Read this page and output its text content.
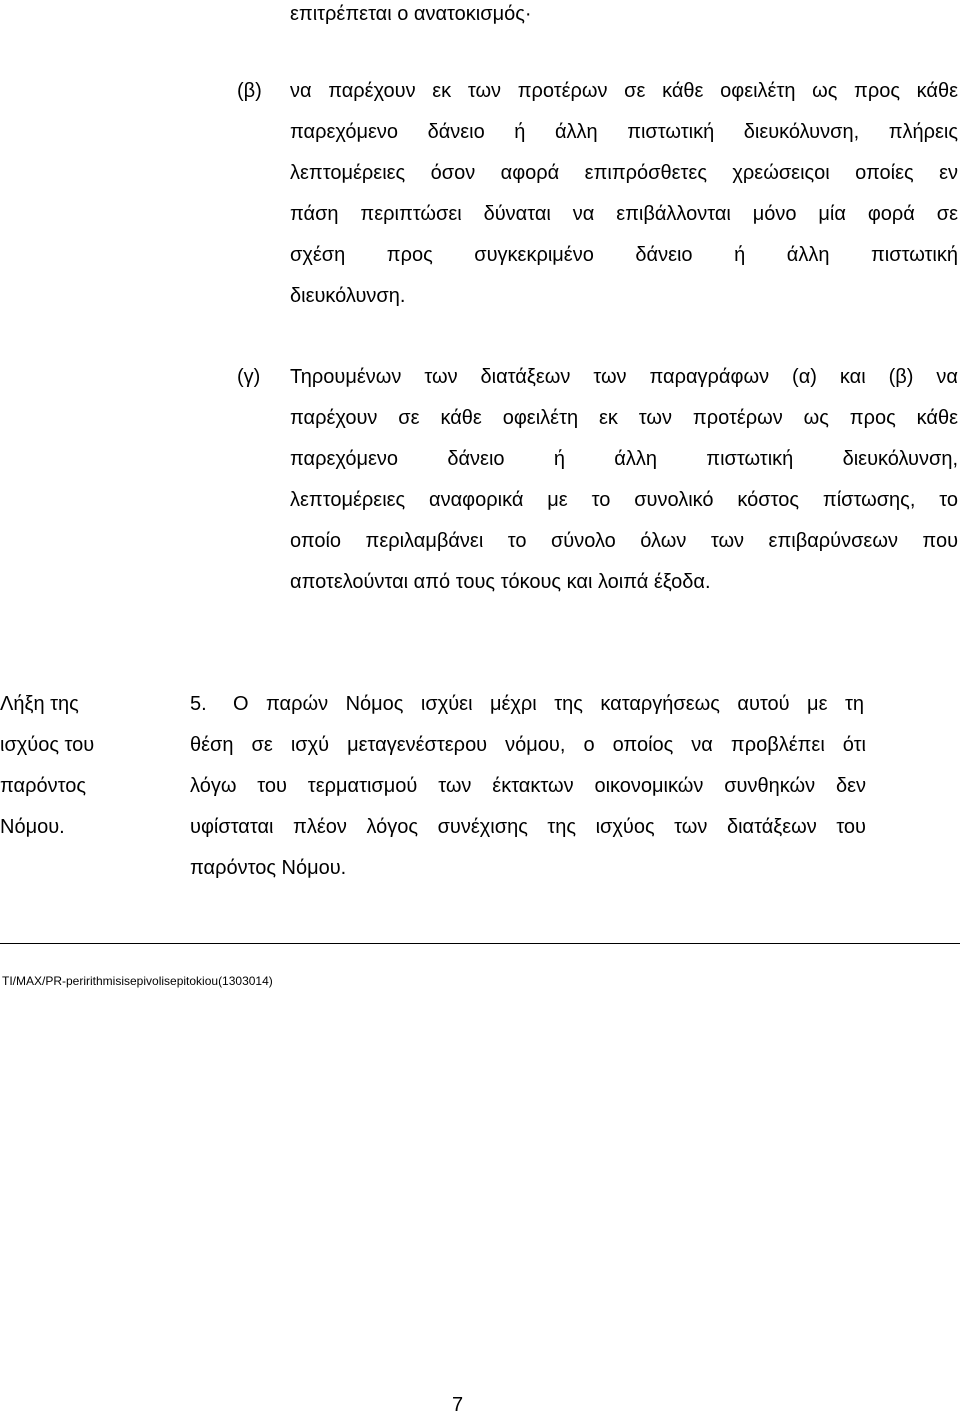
επιτρέπεται ο ανατοκισμός·
(β) να παρέχουν εκ των προτέρων σε κάθε οφειλέτη ως προς κάθε
παρεχόμενο δάνειο ή άλλη πιστωτική διευκόλυνση, πλήρεις
λεπτομέρειες όσον αφορά επιπρόσθετες χρεώσειςοι οποίες εν
πάση περιπτώσει δύναται να επιβάλλονται μόνο μία φορά σε
σχέση προς συγκεκριμένο δάνειο ή άλλη πιστωτική
διευκόλυνση.
(γ) Τηρουμένων των διατάξεων των παραγράφων (α) και (β) να
παρέχουν σε κάθε οφειλέτη εκ των προτέρων ως προς κάθε
παρεχόμενο δάνειο ή άλλη πιστωτική διευκόλυνση,
λεπτομέρειες αναφορικά με το συνολικό κόστος πίστωσης, το
οποίο περιλαμβάνει το σύνολο όλων των επιβαρύνσεων που
αποτελούνται από τους τόκους και λοιπά έξοδα.
Λήξη της
ισχύος του
παρόντος
Νόμου.
5. Ο παρών Νόμος ισχύει μέχρι της καταργήσεως αυτού με τη
θέση σε ισχύ μεταγενέστερου νόμου, ο οποίος να προβλέπει ότι
λόγω του τερματισμού των έκτακτων οικονομικών συνθηκών δεν
υφίσταται πλέον λόγος συνέχισης της ισχύος των διατάξεων του
παρόντος Νόμου.
TI/MAX/PR-peririthmisisepivolisepitokiou(1303014)
7
